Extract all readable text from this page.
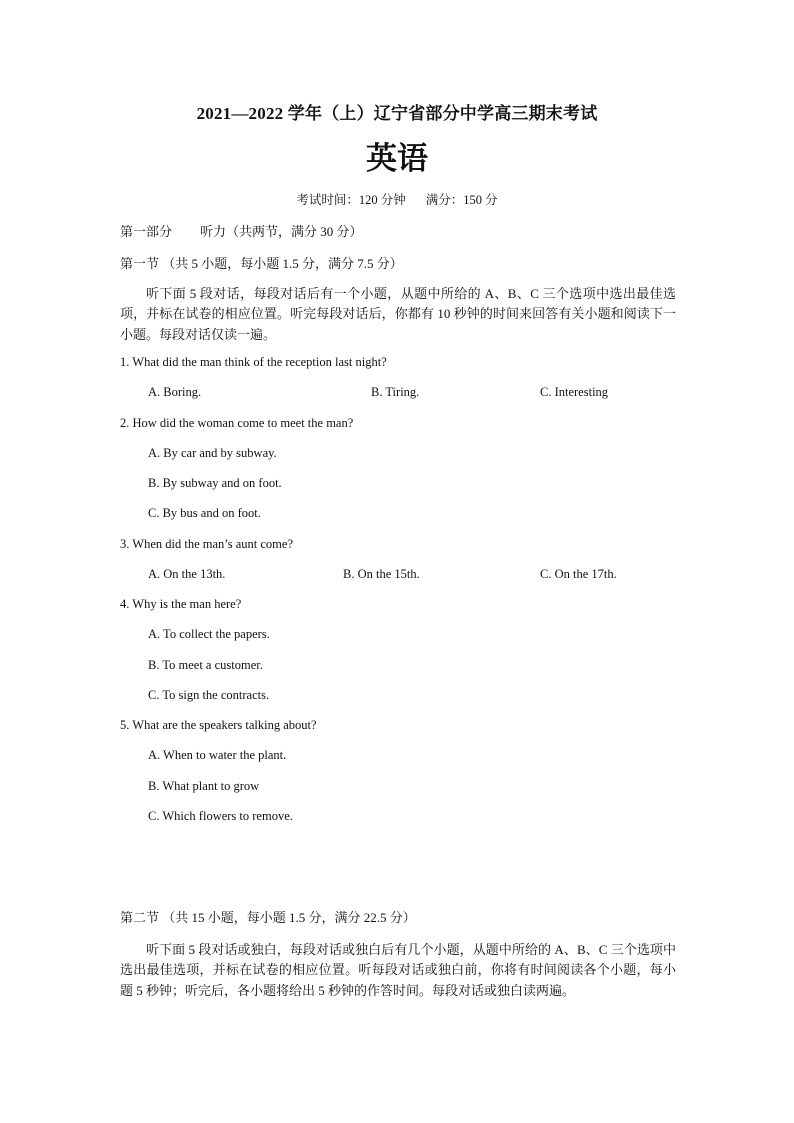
2021—2022 学年（上）辽宁省部分中学高三期末考试
英语
考试时间：120 分钟 满分：150 分
第一部分 听力（共两节，满分 30 分）
第一节 （共 5 小题，每小题 1.5 分，满分 7.5 分）

听下面 5 段对话，每段对话后有一个小题，从题中所给的 A、B、C 三个选项中选出最佳选项，并标在试卷的相应位置。听完每段对话后，你都有 10 秒钟的时间来回答有关小题和阅读下一小题。每段对话仅读一遍。

1. What did the man think of the reception last night?
A. Boring.	B. Tiring.	C. Interesting
2. How did the woman come to meet the man?
A. By car and by subway.
B. By subway and on foot.
C. By bus and on foot.
3. When did the man’s aunt come?
A. On the 13th.	B. On the 15th.	C. On the 17th.
4. Why is the man here?
A. To collect the papers.
B. To meet a customer.
C. To sign the contracts.
5. What are the speakers talking about?
A. When to water the plant.
B. What plant to grow
C. Which flowers to remove.
第二节 （共 15 小题，每小题 1.5 分，满分 22.5 分）

听下面 5 段对话或独白，每段对话或独白后有几个小题，从题中所给的 A、B、C 三个选项中选出最佳选项，并标在试卷的相应位置。听每段对话或独白前，你将有时间阅读各个小题，每小题 5 秒钟；听完后，各小题将给出 5 秒钟的作答时间。每段对话或独白读两遍。
